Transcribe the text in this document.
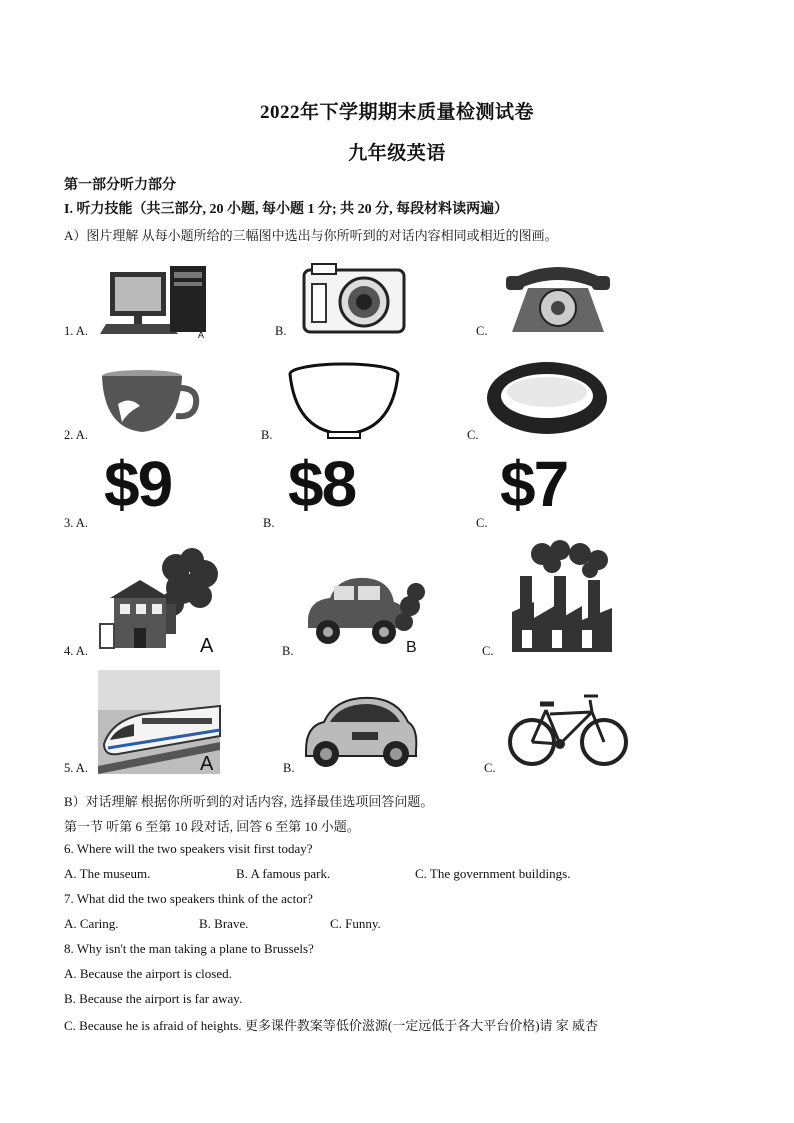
2022年下学期期末质量检测试卷
九年级英语
第一部分听力部分
I. 听力技能（共三部分, 20 小题, 每小题 1 分; 共 20 分, 每段材料读两遍）
A）图片理解 从每小题所给的三幅图中选出与你所听到的对话内容相同或相近的图画。
1. A.	A	B.	C.
2. A.	B.	C.
3. A.
$9
B.
$8
C.
$7
4. A.	A	B.	B	C.
5. A.	A	B.	C.
B）对话理解 根据你所听到的对话内容, 选择最佳选项回答问题。
第一节 听第 6 至第 10 段对话, 回答 6 至第 10 小题。
6. Where will the two speakers visit first today?
A. The museum.	B. A famous park.	C. The government buildings.
7. What did the two speakers think of the actor?
A. Caring.	B. Brave.	C. Funny.
8. Why isn't the man taking a plane to Brussels?
A. Because the airport is closed.
B. Because the airport is far away.
C. Because he is afraid of heights. 更多课件教案等低价滋源(一定远低于各大平台价格)请 家 威杏
